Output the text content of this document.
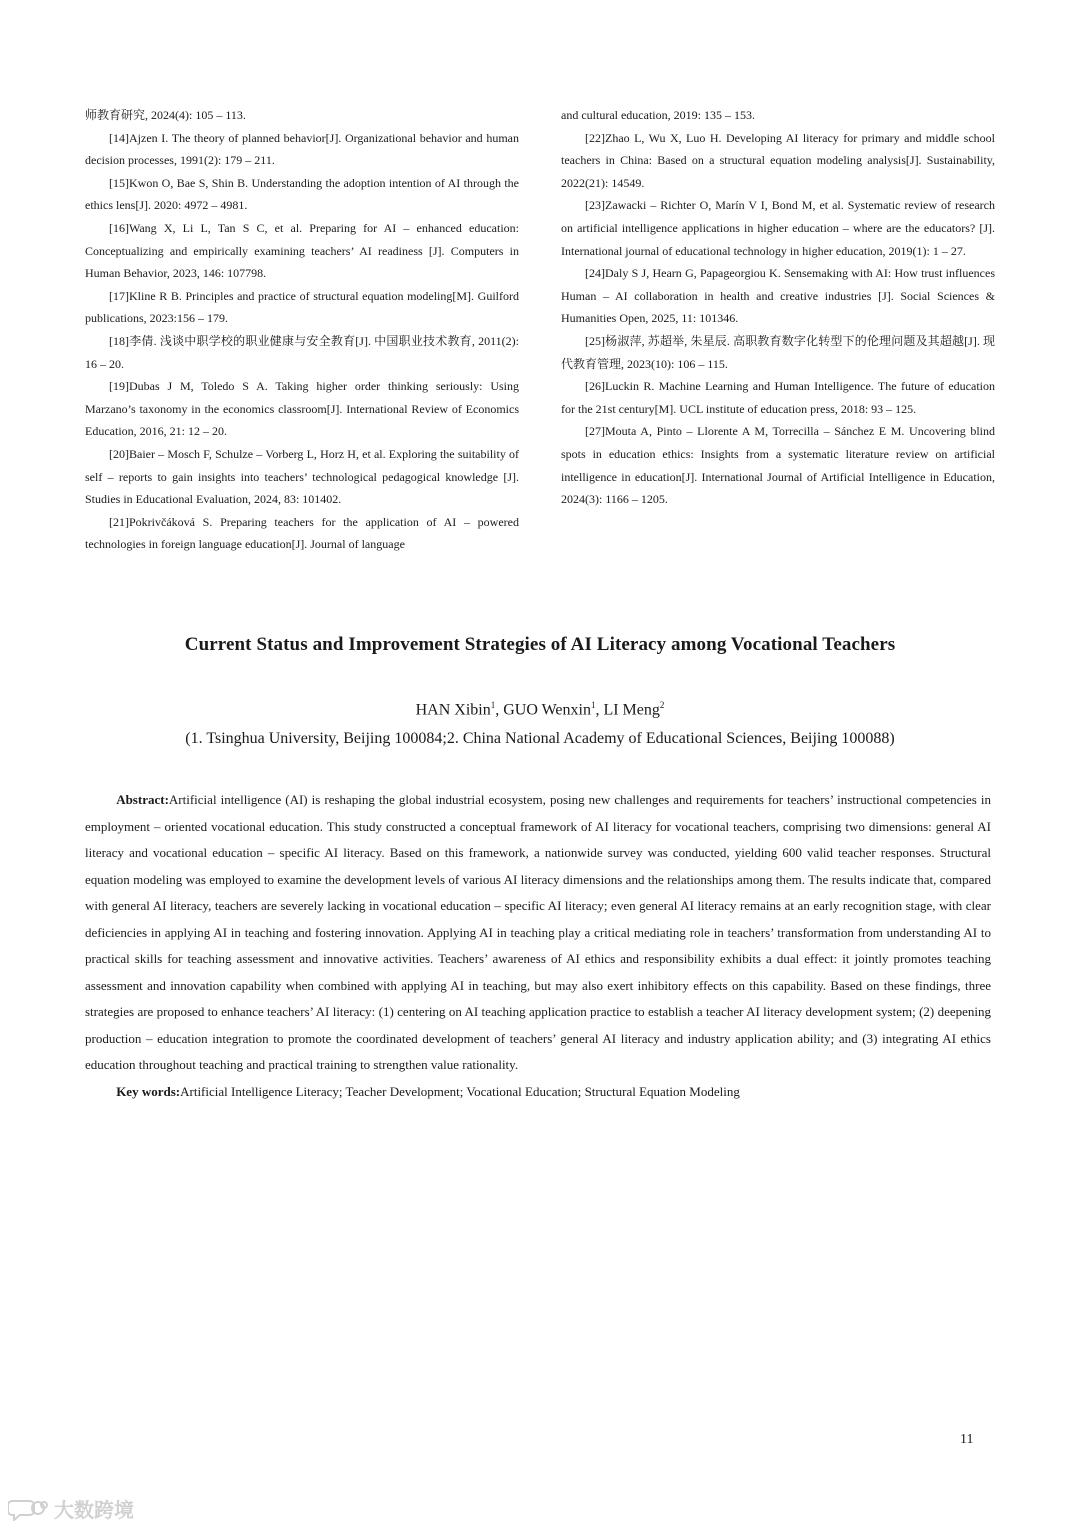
师教育研究, 2024(4): 105 – 113.

[14]Ajzen I. The theory of planned behavior[J]. Organizational behavior and human decision processes, 1991(2): 179 – 211.

[15]Kwon O, Bae S, Shin B. Understanding the adoption intention of AI through the ethics lens[J]. 2020: 4972 – 4981.

[16]Wang X, Li L, Tan S C, et al. Preparing for AI – enhanced education: Conceptualizing and empirically examining teachers’ AI readiness [J]. Computers in Human Behavior, 2023, 146: 107798.

[17]Kline R B. Principles and practice of structural equation modeling[M]. Guilford publications, 2023:156 – 179.

[18]李倩. 浅谈中职学校的职业健康与安全教育[J]. 中国职业技术教育, 2011(2): 16 – 20.

[19]Dubas J M, Toledo S A. Taking higher order thinking seriously: Using Marzano’s taxonomy in the economics classroom[J]. International Review of Economics Education, 2016, 21: 12 – 20.

[20]Baier – Mosch F, Schulze – Vorberg L, Horz H, et al. Exploring the suitability of self – reports to gain insights into teachers’ technological pedagogical knowledge [J]. Studies in Educational Evaluation, 2024, 83: 101402.

[21]Pokrivčáková S. Preparing teachers for the application of AI – powered technologies in foreign language education[J]. Journal of language

and cultural education, 2019: 135 – 153.

[22]Zhao L, Wu X, Luo H. Developing AI literacy for primary and middle school teachers in China: Based on a structural equation modeling analysis[J]. Sustainability, 2022(21): 14549.

[23]Zawacki – Richter O, Marín V I, Bond M, et al. Systematic review of research on artificial intelligence applications in higher education – where are the educators? [J]. International journal of educational technology in higher education, 2019(1): 1 – 27.

[24]Daly S J, Hearn G, Papageorgiou K. Sensemaking with AI: How trust influences Human – AI collaboration in health and creative industries [J]. Social Sciences & Humanities Open, 2025, 11: 101346.

[25]杨淑萍, 苏超举, 朱星辰. 高职教育数字化转型下的伦理问题及其超越[J]. 现代教育管理, 2023(10): 106 – 115.

[26]Luckin R. Machine Learning and Human Intelligence. The future of education for the 21st century[M]. UCL institute of education press, 2018: 93 – 125.

[27]Mouta A, Pinto – Llorente A M, Torrecilla – Sánchez E M. Uncovering blind spots in education ethics: Insights from a systematic literature review on artificial intelligence in education[J]. International Journal of Artificial Intelligence in Education, 2024(3): 1166 – 1205.

Current Status and Improvement Strategies of AI Literacy among Vocational Teachers
HAN Xibin$^1$, GUO Wenxin$^1$, LI Meng$^2$
(1. Tsinghua University, Beijing 100084;2. China National Academy of Educational Sciences, Beijing 100088)

Abstract:Artificial intelligence (AI) is reshaping the global industrial ecosystem, posing new challenges and requirements for teachers’ instructional competencies in employment – oriented vocational education. This study constructed a conceptual framework of AI literacy for vocational teachers, comprising two dimensions: general AI literacy and vocational education – specific AI literacy. Based on this framework, a nationwide survey was conducted, yielding 600 valid teacher responses. Structural equation modeling was employed to examine the development levels of various AI literacy dimensions and the relationships among them. The results indicate that, compared with general AI literacy, teachers are severely lacking in vocational education – specific AI literacy; even general AI literacy remains at an early recognition stage, with clear deficiencies in applying AI in teaching and fostering innovation. Applying AI in teaching play a critical mediating role in teachers’ transformation from understanding AI to practical skills for teaching assessment and innovative activities. Teachers’ awareness of AI ethics and responsibility exhibits a dual effect: it jointly promotes teaching assessment and innovation capability when combined with applying AI in teaching, but may also exert inhibitory effects on this capability. Based on these findings, three strategies are proposed to enhance teachers’ AI literacy: (1) centering on AI teaching application practice to establish a teacher AI literacy development system; (2) deepening production – education integration to promote the coordinated development of teachers’ general AI literacy and industry application ability; and (3) integrating AI ethics education throughout teaching and practical training to strengthen value rationality.

Key words:Artificial Intelligence Literacy; Teacher Development; Vocational Education; Structural Equation Modeling

11
大数跨境
